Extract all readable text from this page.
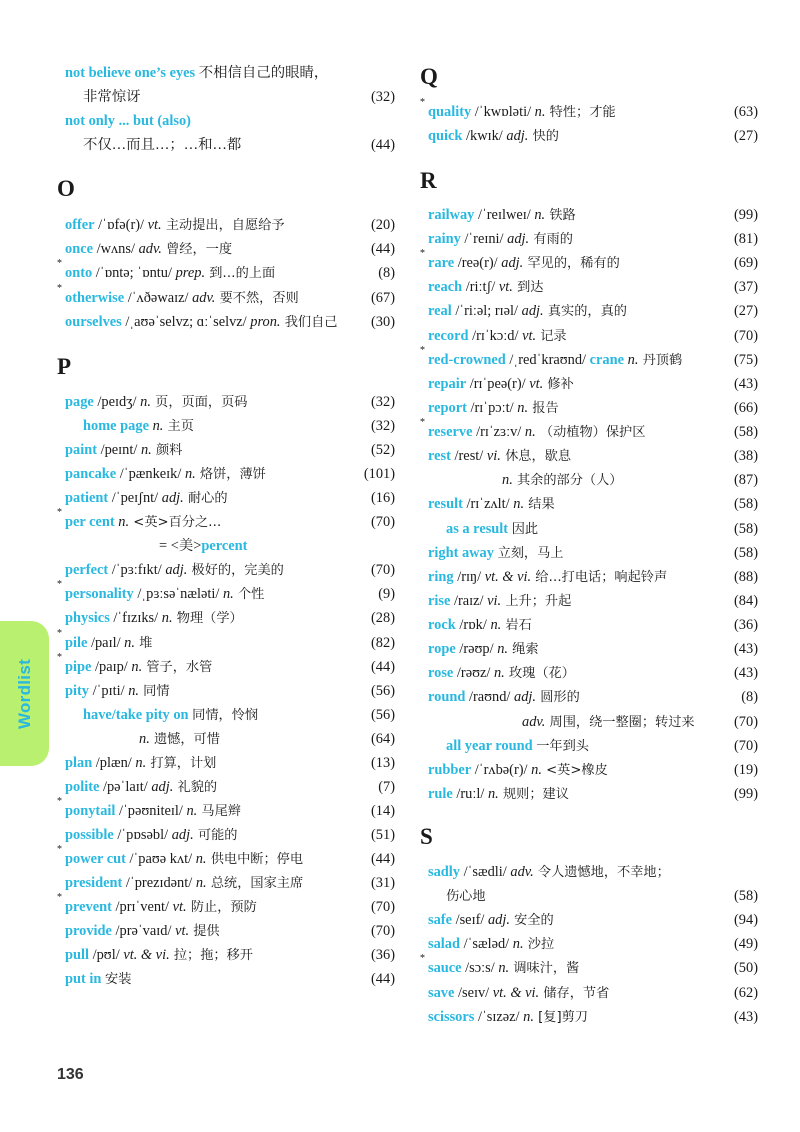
not believe one’s eyes 不相信自己的眼睛，
非常惊讶	(32)
not only ... but (also)
不仅…而且…；…和…都	(44)
O
offer /ˈɒfə(r)/ vt. 主动提出，自愿给予	(20)
once /wʌns/ adv. 曾经，一度	(44)
*
onto /ˈɒntə; ˈɒntu/ prep. 到…的上面	(8)
*
otherwise /ˈʌðəwaɪz/ adv. 要不然，否则	(67)
ourselves /ˌaʊəˈselvz; ɑːˈselvz/ pron. 我们自己	(30)
P
page /peɪdʒ/ n. 页，页面，页码	(32)
home page n. 主页	(32)
paint /peɪnt/ n. 颜料	(52)
pancake /ˈpænkeɪk/ n. 烙饼，薄饼	(101)
patient /ˈpeɪʃnt/ adj. 耐心的	(16)
*
per cent n. <英>百分之…	(70)
= <美>percent
perfect /ˈpɜːfɪkt/ adj. 极好的，完美的	(70)
*
personality /ˌpɜːsəˈnæləti/ n. 个性	(9)
physics /ˈfɪzɪks/ n. 物理（学）	(28)
*
pile /paɪl/ n. 堆	(82)
*
pipe /paɪp/ n. 管子，水管	(44)
pity /ˈpɪti/ n. 同情	(56)
have/take pity on 同情，怜悯	(56)
n. 遗憾，可惜	(64)
plan /plæn/ n. 打算，计划	(13)
polite /pəˈlaɪt/ adj. 礼貌的	(7)
*
ponytail /ˈpəʊniteɪl/ n. 马尾辫	(14)
possible /ˈpɒsəbl/ adj. 可能的	(51)
*
power cut /ˈpaʊə kʌt/ n. 供电中断；停电	(44)
president /ˈprezɪdənt/ n. 总统，国家主席	(31)
*
prevent /prɪˈvent/ vt. 防止，预防	(70)
provide /prəˈvaɪd/ vt. 提供	(70)
pull /pʊl/ vt. & vi. 拉；拖；移开	(36)
put in 安装	(44)
Q
*
quality /ˈkwɒləti/ n. 特性；才能	(63)
quick /kwɪk/ adj. 快的	(27)
R
railway /ˈreɪlweɪ/ n. 铁路	(99)
rainy /ˈreɪni/ adj. 有雨的	(81)
*
rare /reə(r)/ adj. 罕见的，稀有的	(69)
reach /riːtʃ/ vt. 到达	(37)
real /ˈriːəl; rɪəl/ adj. 真实的，真的	(27)
record /rɪˈkɔːd/ vt. 记录	(70)
*
red-crowned /ˌredˈkraʊnd/ crane n. 丹顶鹤	(75)
repair /rɪˈpeə(r)/ vt. 修补	(43)
report /rɪˈpɔːt/ n. 报告	(66)
*
reserve /rɪˈzɜːv/ n. （动植物）保护区	(58)
rest /rest/ vi. 休息，歇息	(38)
n. 其余的部分（人）	(87)
result /rɪˈzʌlt/ n. 结果	(58)
as a result 因此	(58)
right away 立刻，马上	(58)
ring /rɪŋ/ vt. & vi. 给…打电话；响起铃声	(88)
rise /raɪz/ vi. 上升；升起	(84)
rock /rɒk/ n. 岩石	(36)
rope /rəʊp/ n. 绳索	(43)
rose /rəʊz/ n. 玫瑰（花）	(43)
round /raʊnd/ adj. 圆形的	(8)
adv. 周围，绕一整圈；转过来	(70)
all year round 一年到头	(70)
rubber /ˈrʌbə(r)/ n. <英>橡皮	(19)
rule /ruːl/ n. 规则；建议	(99)
S
sadly /ˈsædli/ adv. 令人遗憾地，不幸地；
伤心地	(58)
safe /seɪf/ adj. 安全的	(94)
salad /ˈsæləd/ n. 沙拉	(49)
*
sauce /sɔːs/ n. 调味汁，酱	(50)
save /seɪv/ vt. & vi. 储存，节省	(62)
scissors /ˈsɪzəz/ n. [复]剪刀	(43)
Wordlist
136
